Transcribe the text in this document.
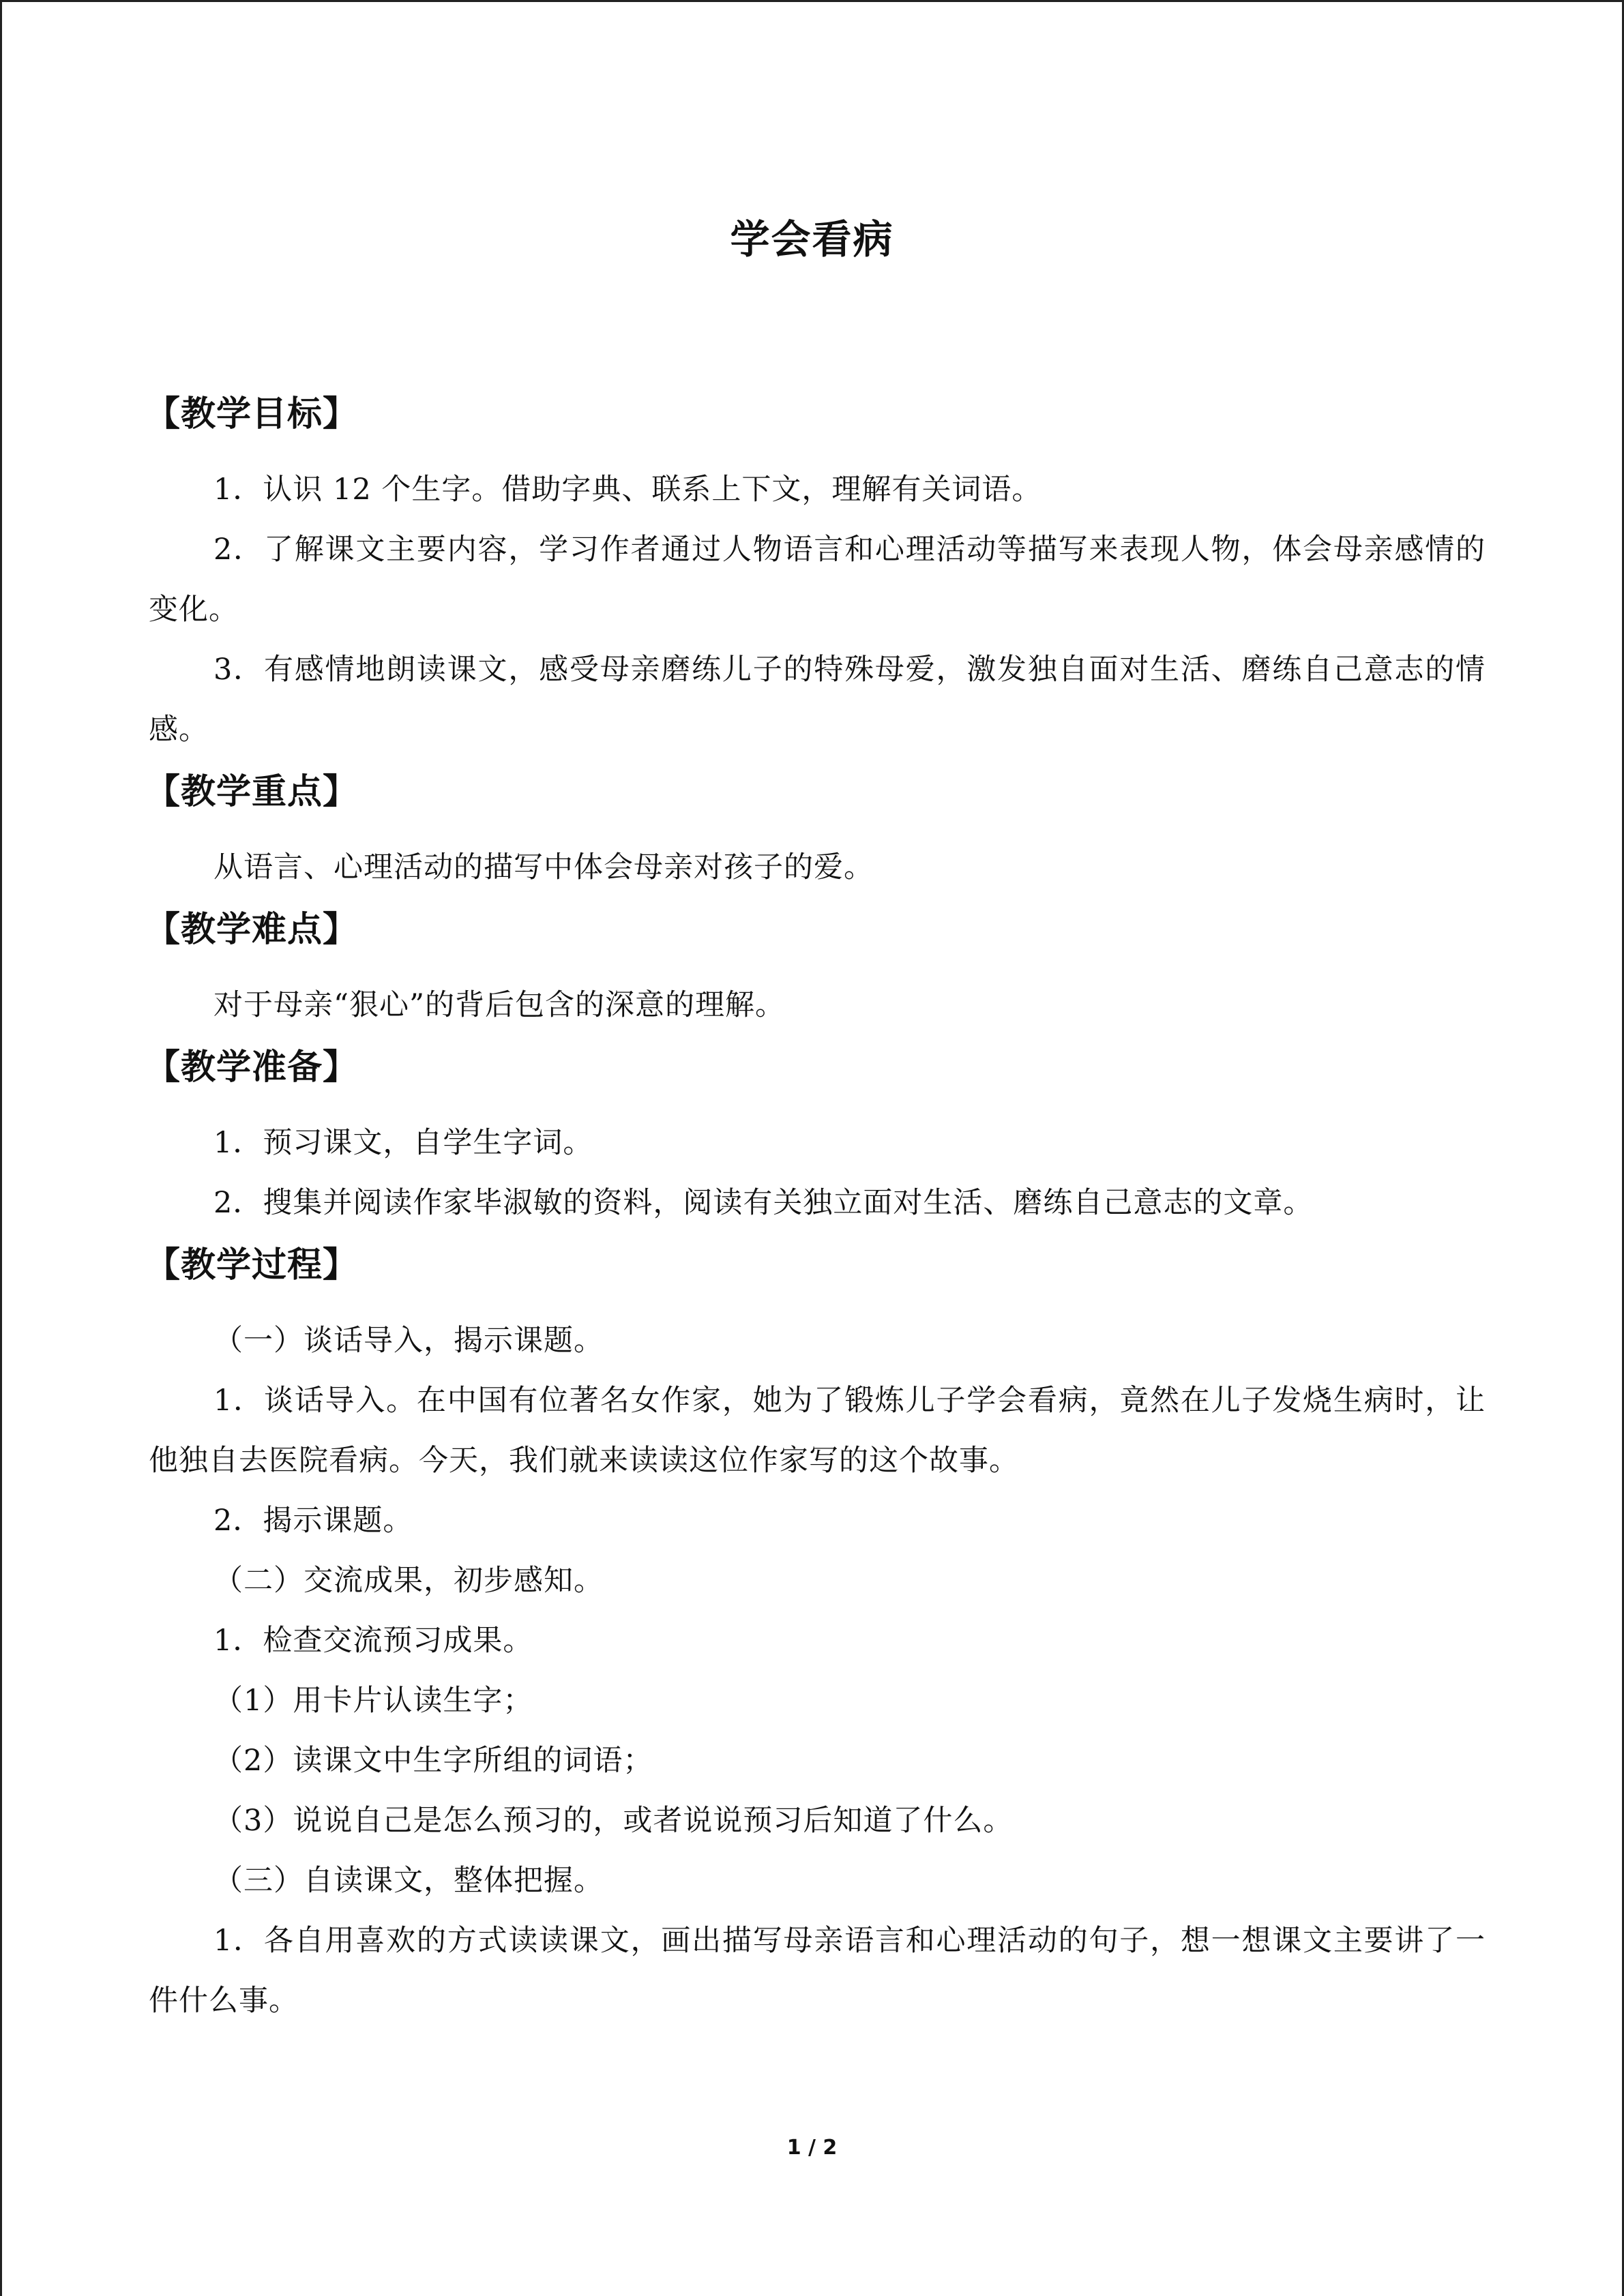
学会看病
【教学目标】

1．认识 12 个生字。借助字典、联系上下文，理解有关词语。

2．了解课文主要内容，学习作者通过人物语言和心理活动等描写来表现人物，体会母亲感情的变化。

3．有感情地朗读课文，感受母亲磨练儿子的特殊母爱，激发独自面对生活、磨练自己意志的情感。

【教学重点】

从语言、心理活动的描写中体会母亲对孩子的爱。

【教学难点】

对于母亲“狠心”的背后包含的深意的理解。

【教学准备】

1．预习课文，自学生字词。

2．搜集并阅读作家毕淑敏的资料，阅读有关独立面对生活、磨练自己意志的文章。

【教学过程】

（一）谈话导入，揭示课题。

1．谈话导入。在中国有位著名女作家，她为了锻炼儿子学会看病，竟然在儿子发烧生病时，让他独自去医院看病。今天，我们就来读读这位作家写的这个故事。

2．揭示课题。

（二）交流成果，初步感知。

1．检查交流预习成果。

（1）用卡片认读生字；

（2）读课文中生字所组的词语；

（3）说说自己是怎么预习的，或者说说预习后知道了什么。

（三）自读课文，整体把握。

1．各自用喜欢的方式读读课文，画出描写母亲语言和心理活动的句子，想一想课文主要讲了一件什么事。

1 / 2
